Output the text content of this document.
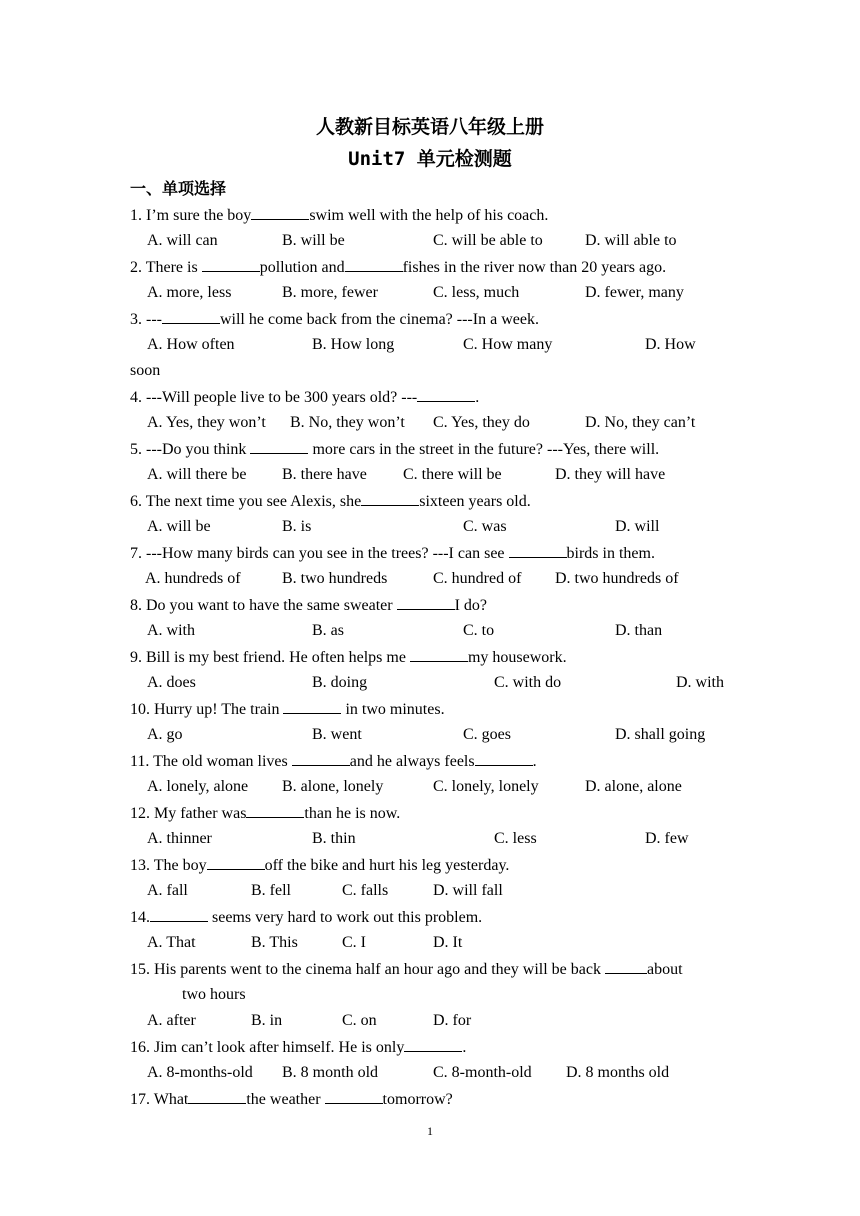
人教新目标英语八年级上册
Unit7 单元检测题
一、单项选择
1. I’m sure the boy	swim well with the help of his coach.
A. will can	B. will be	C. will be able to	D. will able to
2. There is	pollution and	fishes in the river now than 20 years ago.
A. more, less	B. more, fewer	C. less, much	D. fewer, many
3. ---	will he come back from the cinema? ---In a week.
A. How often	B. How long	C. How many	D. How
soon
4. ---Will people live to be 300 years old? ---	.
A. Yes, they won’t B. No, they won’t C. Yes, they do	D. No, they can’t
5. ---Do you think	more cars in the street in the future? ---Yes, there will.
A. will there be B. there have C. there will be	D. they will have
6. The next time you see Alexis, she	sixteen years old.
A. will be	B. is	C. was	D. will
7. ---How many birds can you see in the trees? ---I can see	birds in them.
A. hundreds of	B. two hundreds	C. hundred of D. two hundreds of
8. Do you want to have the same sweater	I do?
A. with	B. as	C. to	D. than
9. Bill is my best friend. He often helps me	my housework.
A. does	B. doing	C. with do	D. with
10. Hurry up! The train	in two minutes.
A. go	B. went	C. goes	D. shall going
11. The old woman lives	and he always feels	.
A. lonely, alone B. alone, lonely	C. lonely, lonely	D. alone, alone
12. My father was	than he is now.
A. thinner	B. thin	C. less	D. few
13. The boy	off the bike and hurt his leg yesterday.
A. fall	B. fell	C. falls	D. will fall
14.	seems very hard to work out this problem.
A. That	B. This	C. I	D. It
15. His parents went to the cinema half an hour ago and they will be back	about
two hours
A. after	B. in	C. on	D. for
16. Jim can’t look after himself. He is only	.
A. 8-months-old B. 8 month old	C. 8-month-old D. 8 months old
17. What	the weather	tomorrow?
1
